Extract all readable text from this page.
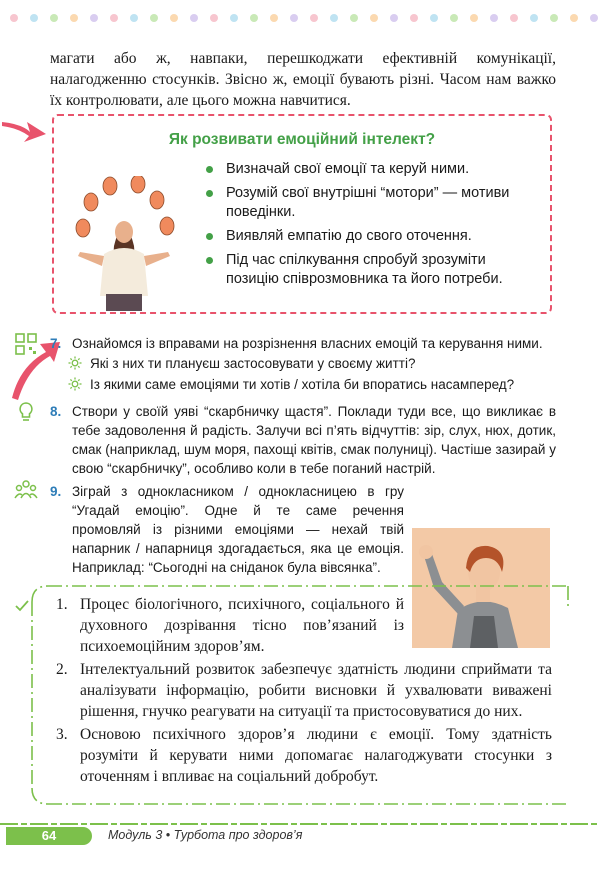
магати або ж, навпаки, перешкоджати ефективній комунікації, налагодженню стосунків. Звісно ж, емоції бувають різні. Часом нам важко їх контролювати, але цього можна навчитися.

Як розвивати емоційний інтелект?
Визначай свої емоції та керуй ними.
Розумій свої внутрішні “мотори” — мотиви поведінки.
Виявляй емпатію до свого оточення.
Під час спілкування спробуй зрозуміти позицію співрозмовника та його потреби.
7. Ознайомся із вправами на розрізнення власних емоцій та керування ними.
Які з них ти плануєш застосовувати у своєму житті?
Із якими саме емоціями ти хотів / хотіла би впоратись насамперед?
8. Створи у своїй уяві “скарбничку щастя”. Поклади туди все, що викликає в тебе задоволення й радість. Залучи всі п’ять відчуттів: зір, слух, нюх, дотик, смак (наприклад, шум моря, пахощі квітів, смак полуниці). Частіше зазирай у свою “скарбничку”, особливо коли в тебе поганий настрій.
9. Зіграй з однокласником / однокласницею в гру “Угадай емоцію”. Одне й те саме речення промовляй із різними емоціями — нехай твій напарник / напарниця здогадається, яка це емоція. Наприклад: “Сьогодні на сніданок була вівсянка”.
1. Процес біологічного, психічного, соціального й духовного дозрівання тісно пов’язаний із психоемоційним здоров’ям.
2. Інтелектуальний розвиток забезпечує здатність людини сприймати та аналізувати інформацію, робити висновки й ухвалювати виважені рішення, гнучко реагувати на ситуації та пристосовуватися до них.
3. Основою психічного здоров’я людини є емоції. Тому здатність розуміти й керувати ними допомагає налагоджувати стосунки з оточенням і впливає на соціальний добробут.
64	Модуль 3 • Турбота про здоров’я
